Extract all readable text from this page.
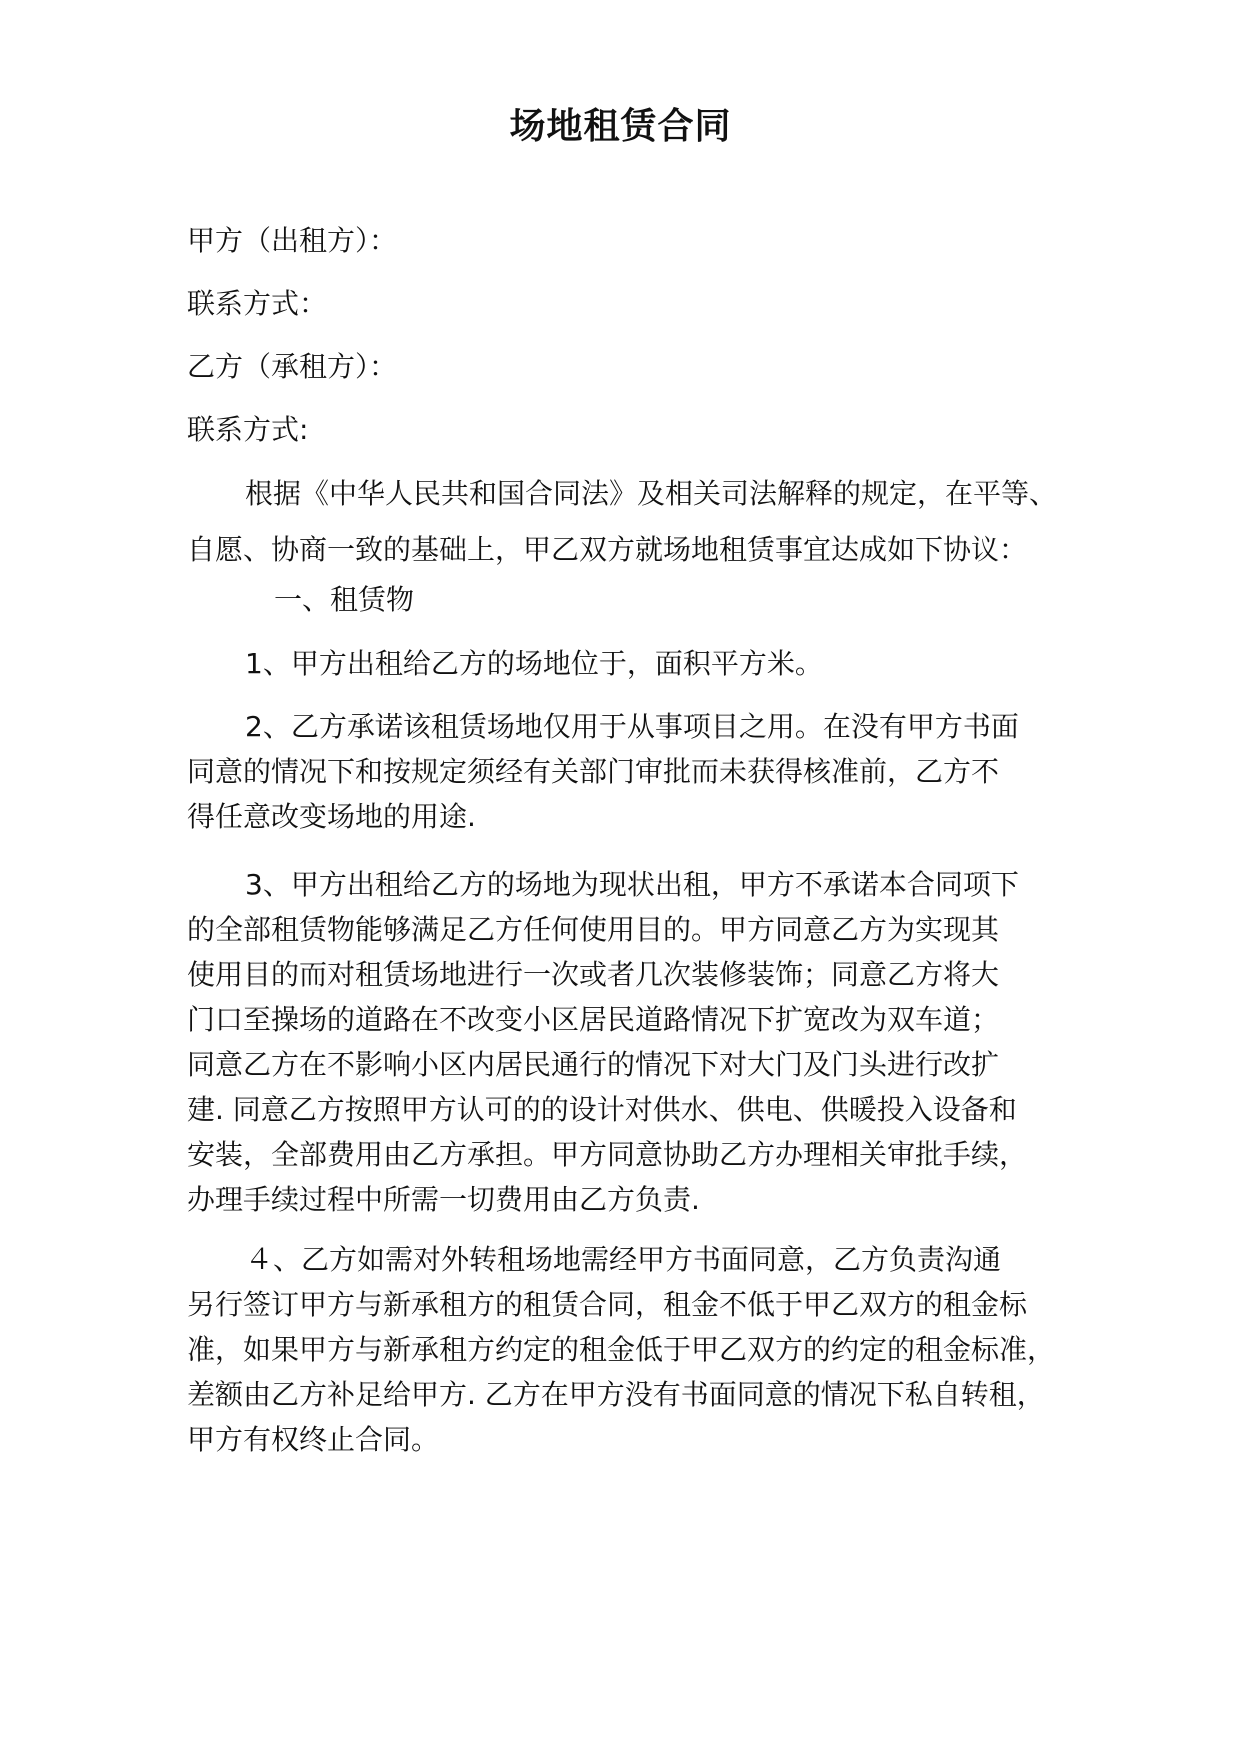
场地租赁合同
甲方（出租方）：
联系方式：
乙方（承租方）：
联系方式:
根据《中华人民共和国合同法》及相关司法解释的规定，在平等、
自愿、协商一致的基础上，甲乙双方就场地租赁事宜达成如下协议：
一、租赁物
1、甲方出租给乙方的场地位于，面积平方米。
2、乙方承诺该租赁场地仅用于从事项目之用。在没有甲方书面
同意的情况下和按规定须经有关部门审批而未获得核准前，乙方不
得任意改变场地的用途.
3、甲方出租给乙方的场地为现状出租，甲方不承诺本合同项下
的全部租赁物能够满足乙方任何使用目的。甲方同意乙方为实现其
使用目的而对租赁场地进行一次或者几次装修装饰；同意乙方将大
门口至操场的道路在不改变小区居民道路情况下扩宽改为双车道；
同意乙方在不影响小区内居民通行的情况下对大门及门头进行改扩
建. 同意乙方按照甲方认可的的设计对供水、供电、供暖投入设备和
安装，全部费用由乙方承担。甲方同意协助乙方办理相关审批手续，
办理手续过程中所需一切费用由乙方负责.
４、乙方如需对外转租场地需经甲方书面同意，乙方负责沟通
另行签订甲方与新承租方的租赁合同，租金不低于甲乙双方的租金标
准，如果甲方与新承租方约定的租金低于甲乙双方的约定的租金标准，
差额由乙方补足给甲方. 乙方在甲方没有书面同意的情况下私自转租，
甲方有权终止合同。
